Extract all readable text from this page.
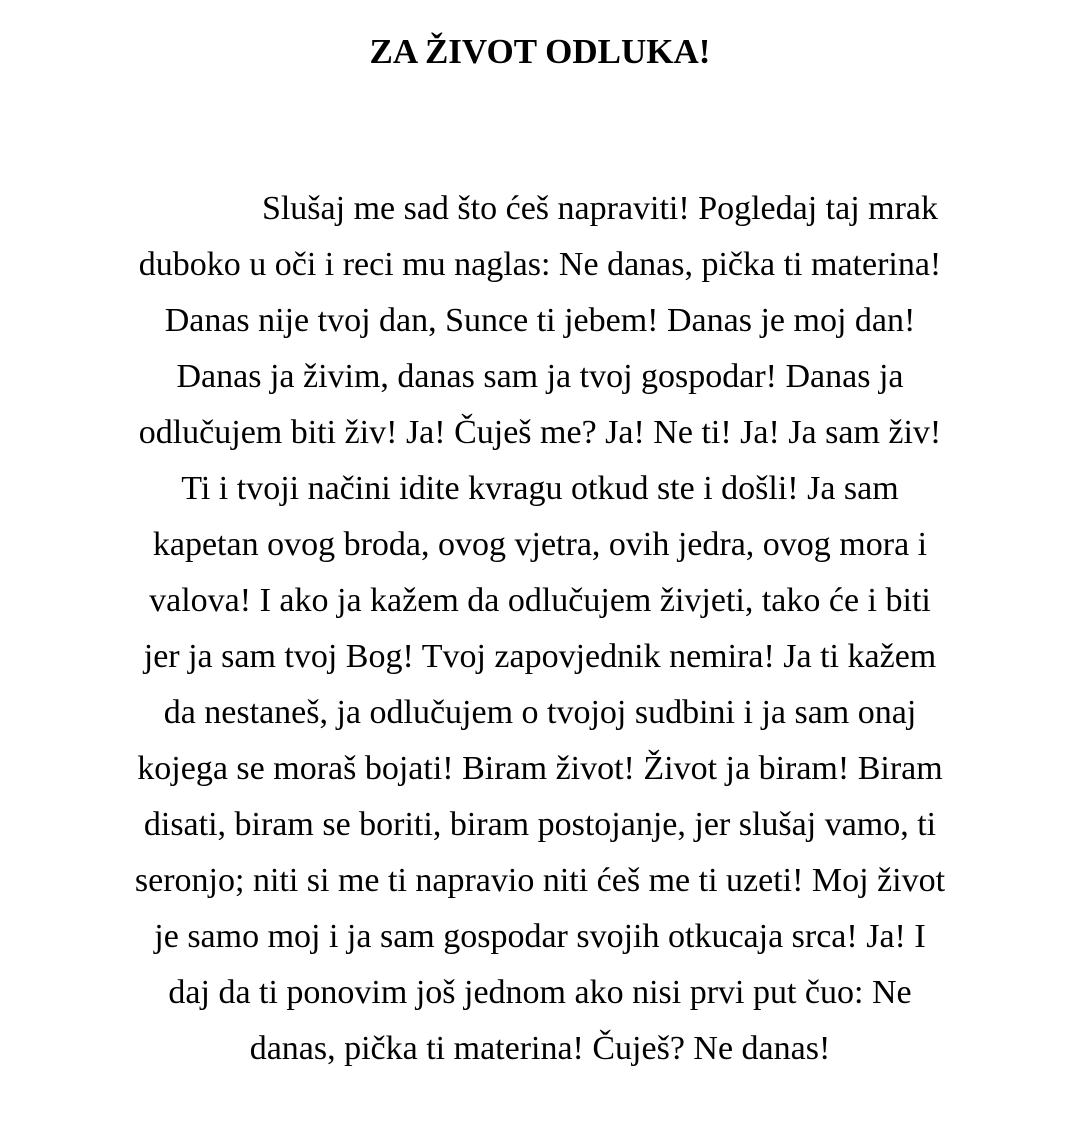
ZA ŽIVOT ODLUKA!
Slušaj me sad što ćeš napraviti! Pogledaj taj mrak
duboko u oči i reci mu naglas: Ne danas, pička ti materina!
Danas nije tvoj dan, Sunce ti jebem! Danas je moj dan!
Danas ja živim, danas sam ja tvoj gospodar! Danas ja
odlučujem biti živ! Ja! Čuješ me? Ja! Ne ti! Ja! Ja sam živ!
Ti i tvoji načini idite kvragu otkud ste i došli! Ja sam
kapetan ovog broda, ovog vjetra, ovih jedra, ovog mora i
valova! I ako ja kažem da odlučujem živjeti, tako će i biti
jer ja sam tvoj Bog! Tvoj zapovjednik nemira! Ja ti kažem
da nestaneš, ja odlučujem o tvojoj sudbini i ja sam onaj
kojega se moraš bojati! Biram život! Život ja biram! Biram
disati, biram se boriti, biram postojanje, jer slušaj vamo, ti
seronjo; niti si me ti napravio niti ćeš me ti uzeti! Moj život
je samo moj i ja sam gospodar svojih otkucaja srca! Ja! I
daj da ti ponovim još jednom ako nisi prvi put čuo: Ne
danas, pička ti materina! Čuješ? Ne danas!
